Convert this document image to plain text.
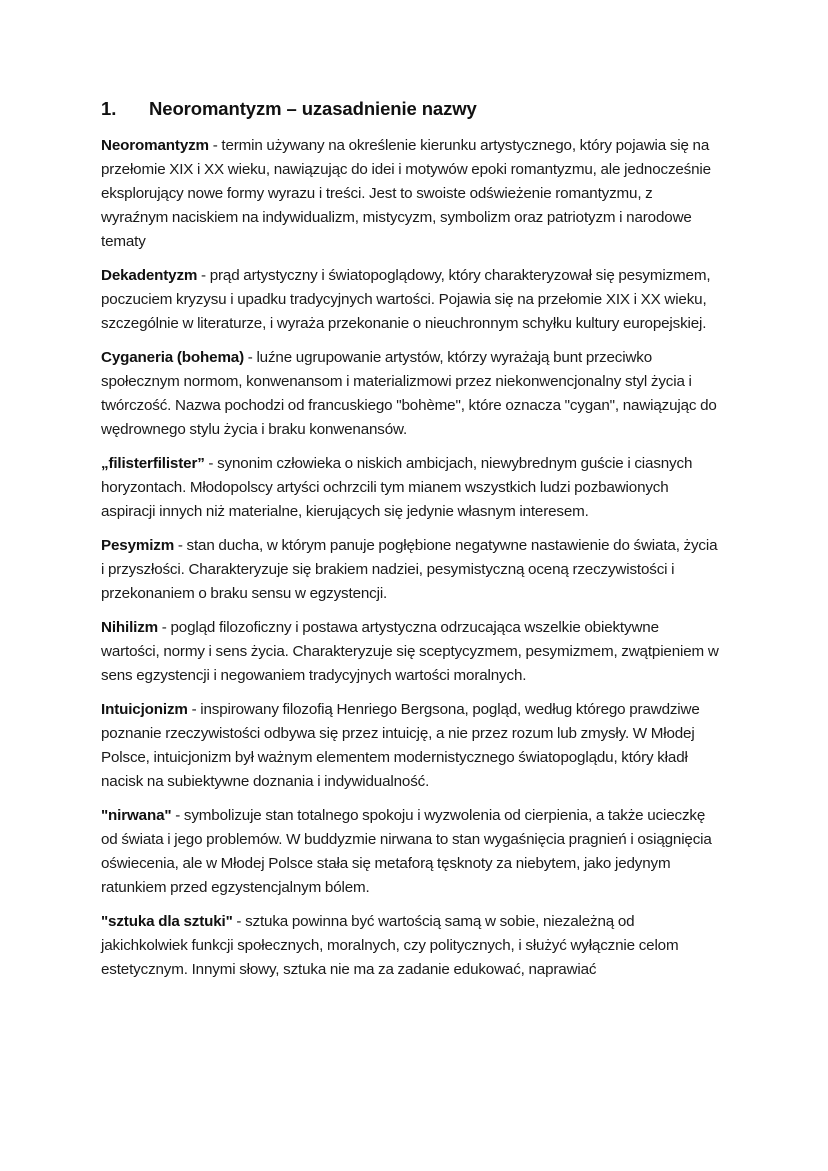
1.	Neoromantyzm – uzasadnienie nazwy

Neoromantyzm - termin używany na określenie kierunku artystycznego, który pojawia się na przełomie XIX i XX wieku, nawiązując do idei i motywów epoki romantyzmu, ale jednocześnie eksplorujący nowe formy wyrazu i treści. Jest to swoiste odświeżenie romantyzmu, z wyraźnym naciskiem na indywidualizm, mistycyzm, symbolizm oraz patriotyzm i narodowe tematy

Dekadentyzm - prąd artystyczny i światopoglądowy, który charakteryzował się pesymizmem, poczuciem kryzysu i upadku tradycyjnych wartości. Pojawia się na przełomie XIX i XX wieku, szczególnie w literaturze, i wyraża przekonanie o nieuchronnym schyłku kultury europejskiej.

Cyganeria (bohema) - luźne ugrupowanie artystów, którzy wyrażają bunt przeciwko społecznym normom, konwenansom i materializmowi przez niekonwencjonalny styl życia i twórczość. Nazwa pochodzi od francuskiego "bohème", które oznacza "cygan", nawiązując do wędrownego stylu życia i braku konwenansów.

„filisterfilister” - synonim człowieka o niskich ambicjach, niewybrednym guście i ciasnych horyzontach. Młodopolscy artyści ochrzcili tym mianem wszystkich ludzi pozbawionych aspiracji innych niż materialne, kierujących się jedynie własnym interesem.

Pesymizm - stan ducha, w którym panuje pogłębione negatywne nastawienie do świata, życia i przyszłości. Charakteryzuje się brakiem nadziei, pesymistyczną oceną rzeczywistości i przekonaniem o braku sensu w egzystencji.

Nihilizm - pogląd filozoficzny i postawa artystyczna odrzucająca wszelkie obiektywne wartości, normy i sens życia. Charakteryzuje się sceptycyzmem, pesymizmem, zwątpieniem w sens egzystencji i negowaniem tradycyjnych wartości moralnych.

Intuicjonizm - inspirowany filozofią Henriego Bergsona, pogląd, według którego prawdziwe poznanie rzeczywistości odbywa się przez intuicję, a nie przez rozum lub zmysły. W Młodej Polsce, intuicjonizm był ważnym elementem modernistycznego światopoglądu, który kładł nacisk na subiektywne doznania i indywidualność.

"nirwana" - symbolizuje stan totalnego spokoju i wyzwolenia od cierpienia, a także ucieczkę od świata i jego problemów. W buddyzmie nirwana to stan wygaśnięcia pragnień i osiągnięcia oświecenia, ale w Młodej Polsce stała się metaforą tęsknoty za niebytem, jako jedynym ratunkiem przed egzystencjalnym bólem.

"sztuka dla sztuki" - sztuka powinna być wartością samą w sobie, niezależną od jakichkolwiek funkcji społecznych, moralnych, czy politycznych, i służyć wyłącznie celom estetycznym. Innymi słowy, sztuka nie ma za zadanie edukować, naprawiać
